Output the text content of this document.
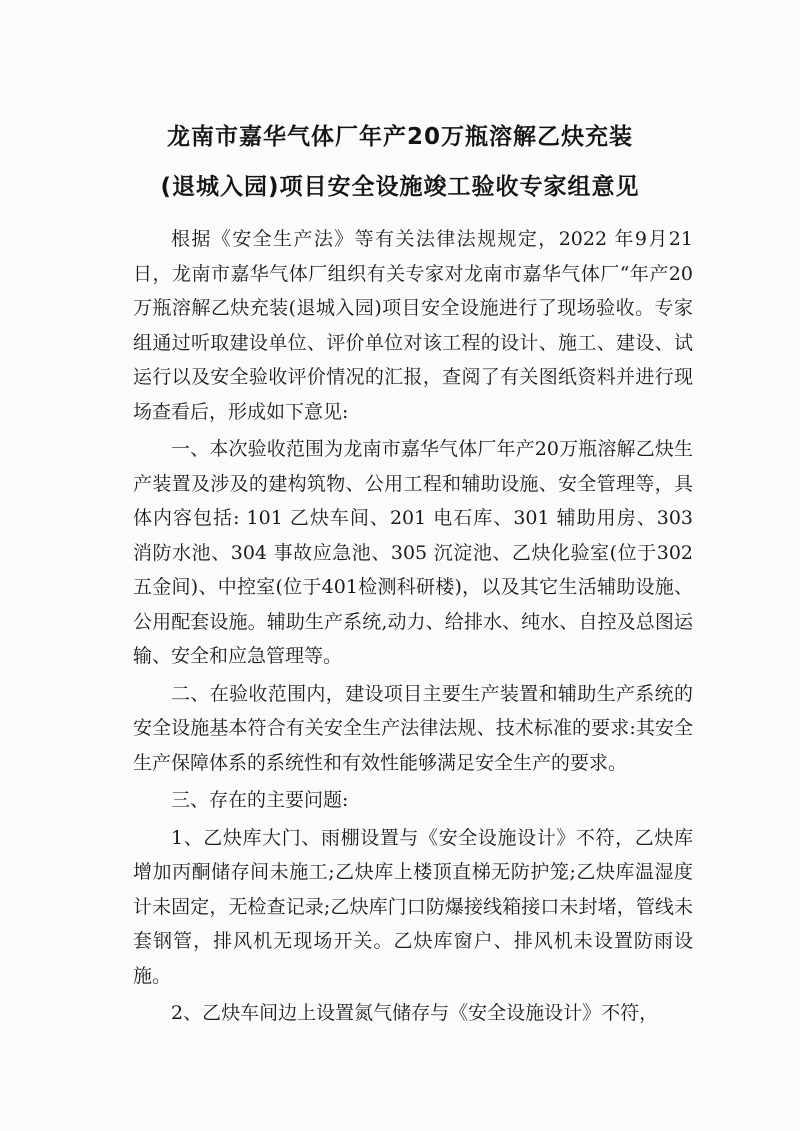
龙南市嘉华气体厂年产20万瓶溶解乙炔充装
(退城入园)项目安全设施竣工验收专家组意见

根据《安全生产法》等有关法律法规规定，2022 年9月21日，龙南市嘉华气体厂组织有关专家对龙南市嘉华气体厂“年产20万瓶溶解乙炔充装(退城入园)项目安全设施进行了现场验收。专家组通过听取建设单位、评价单位对该工程的设计、施工、建设、试运行以及安全验收评价情况的汇报，查阅了有关图纸资料并进行现场查看后，形成如下意见:

一、本次验收范围为龙南市嘉华气体厂年产20万瓶溶解乙炔生产装置及涉及的建构筑物、公用工程和辅助设施、安全管理等，具体内容包括: 101 乙炔车间、201 电石库、301 辅助用房、303 消防水池、304 事故应急池、305 沉淀池、乙炔化验室(位于302五金间)、中控室(位于401检测科研楼)，以及其它生活辅助设施、公用配套设施。辅助生产系统,动力、给排水、纯水、自控及总图运输、安全和应急管理等。

二、在验收范围内，建设项目主要生产装置和辅助生产系统的安全设施基本符合有关安全生产法律法规、技术标准的要求:其安全生产保障体系的系统性和有效性能够满足安全生产的要求。

三、存在的主要问题:

1、乙炔库大门、雨棚设置与《安全设施设计》不符，乙炔库增加丙酮储存间未施工;乙炔库上楼顶直梯无防护笼;乙炔库温湿度计未固定，无检查记录;乙炔库门口防爆接线箱接口未封堵，管线未套钢管，排风机无现场开关。乙炔库窗户、排风机未设置防雨设施。

2、乙炔车间边上设置氮气储存与《安全设施设计》不符，
